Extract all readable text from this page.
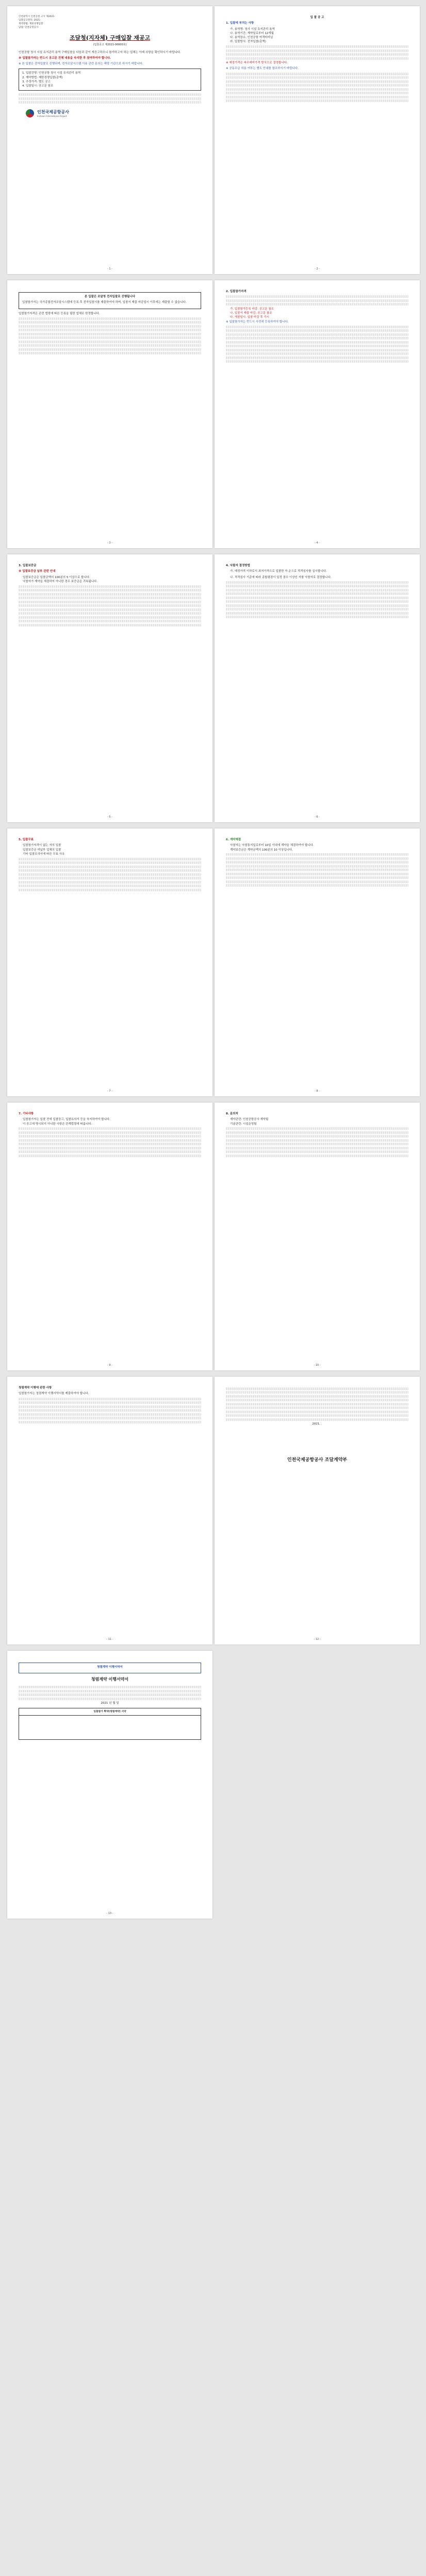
인천광역시 인천공항 고시 제2021-
입찰공고번호: 2021-
계약방법: 제한경쟁입찰
담당: 인천공항공사
조달청(지자체) 구매입찰 재공고
(입찰공고 제2021-00000호)

인천공항 청사 시설 유지관리 용역 구매입찰을 다음과 같이 재공고하오니 참가하고자 하는 업체는 아래 사항을 확인하시기 바랍니다.

※ 입찰참가자는 반드시 공고문 전체 내용을 숙지한 후 참여하여야 합니다.

※ 본 입찰은 전자입찰로 진행되며, 전자조달시스템 이용 관련 문의는 해당 기관으로 하시기 바랍니다.

1. 입찰건명: 인천공항 청사 시설 유지관리 용역
2. 계약방법: 제한경쟁입찰(총액)
3. 추정가격: 별도 공고
4. 입찰일시: 공고문 참조
인천국제공항공사
Incheon International Airport
- 1 -

입 찰 공 고

1. 입찰에 부치는 사항

가. 용역명: 청사 시설 유지관리 용역
나. 용역기간: 계약일로부터 12개월
다. 용역장소: 인천공항 여객터미널
라. 입찰방식: 전자입찰(총액)

※ 예정가격은 복수예비가격 방식으로 결정합니다.

※ 공동수급 허용 여부는 별도 안내를 참조하시기 바랍니다.

- 2 -

본 입찰은 조달청 전자입찰로 진행됩니다

입찰참가자는 국가종합전자조달시스템에 등록 후 전자입찰서를 제출하여야 하며, 입찰서 제출 마감일시 이후에는 제출할 수 없습니다.

입찰참가자격은 관련 법령에 따른 등록을 필한 업체로 한정합니다.

- 3 -

2. 입찰참가자격

가. 입찰참가등록 마감: 공고문 참조
나. 입찰서 제출 마감: 공고문 참조
다. 개찰일시: 입찰 마감 후 즉시

※ 입찰참가자는 반드시 사전에 등록하여야 합니다.

- 4 -

3. 입찰보증금

※ 입찰보증금 납부 관련 안내

입찰보증금은 입찰금액의 100분의 5 이상으로 합니다.
낙찰자가 계약을 체결하지 아니한 경우 보증금은 귀속됩니다.
- 5 -

4. 낙찰자 결정방법

가. 예정가격 이하로서 최저가격으로 입찰한 자 순으로 적격심사를 실시합니다.

나. 적격심사 기준에 따라 종합평점이 일정 점수 이상인 자를 낙찰자로 결정합니다.

- 6 -

5. 입찰무효

입찰참가자격이 없는 자의 입찰
입찰보증금 미납부 업체의 입찰
기타 입찰유의서에 따른 무효 사유
- 7 -

6. 계약체결

낙찰자는 낙찰통지일로부터 10일 이내에 계약을 체결하여야 합니다.
계약보증금은 계약금액의 100분의 10 이상입니다.
- 8 -

7. 기타사항

입찰참가자는 입찰 전에 입찰공고, 입찰유의서 등을 숙지하여야 합니다.
이 공고에 명시되지 아니한 사항은 관계법령에 따릅니다.
- 9 -

8. 문의처

계약관련: 인천공항공사 계약팀
기술관련: 시설운영팀
- 10 -

청렴계약 이행에 관한 사항

입찰참가자는 청렴계약 이행서약서를 제출하여야 합니다.

- 11 -

2021. .

인천국제공항공사 조달계약부
- 12 -

청렴계약 이행서약서

청렴계약 이행서약서

2021 년 월 일

입찰참가 확약(청렴계약) 서약

- 13 -
